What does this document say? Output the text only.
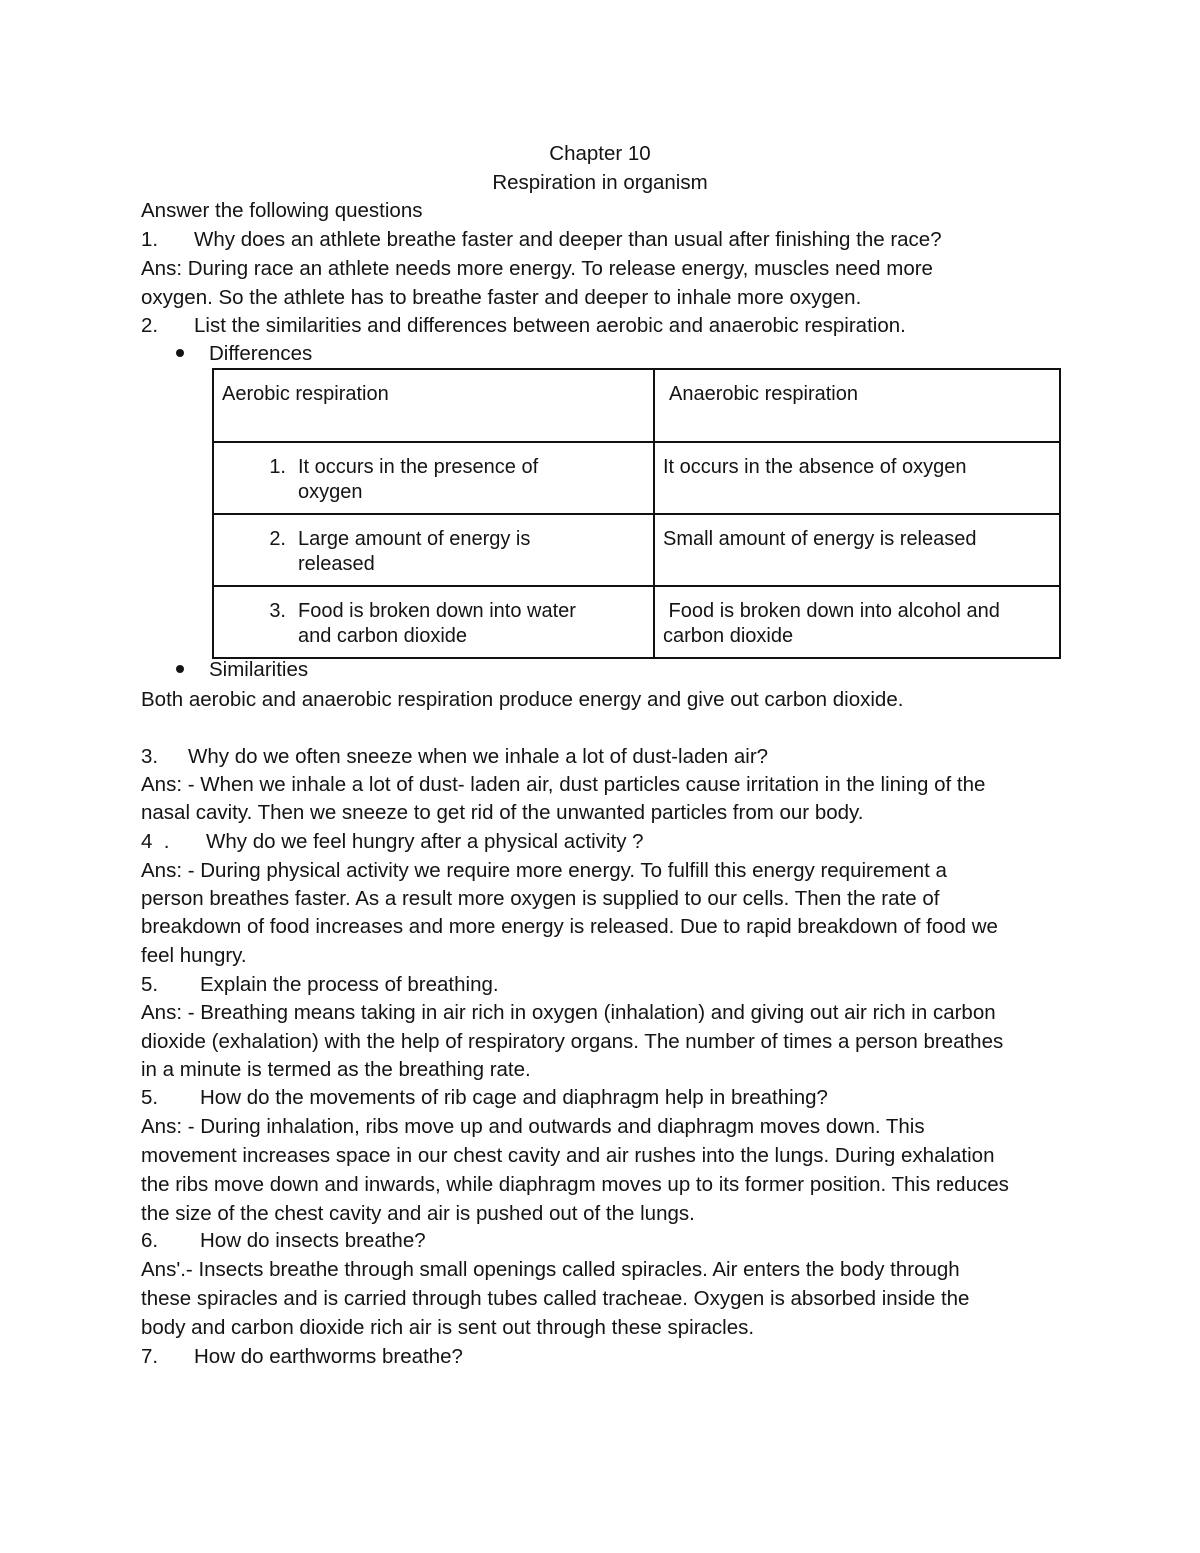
Chapter 10
Respiration in organism
Answer the following questions
1. Why does an athlete breathe faster and deeper than usual after finishing the race?
Ans: During race an athlete needs more energy. To release energy, muscles need more
oxygen. So the athlete has to breathe faster and deeper to inhale more oxygen.
2. List the similarities and differences between aerobic and anaerobic respiration.
Differences
Aerobic respiration	Anaerobic respiration

1. It occurs in the presence of
oxygen	It occurs in the absence of oxygen

2. Large amount of energy is
released	Small amount of energy is released

3. Food is broken down into water
and carbon dioxide	Food is broken down into alcohol and
carbon dioxide
Similarities
Both aerobic and anaerobic respiration produce energy and give out carbon dioxide.
3. Why do we often sneeze when we inhale a lot of dust-laden air?
Ans: - When we inhale a lot of dust- laden air, dust particles cause irritation in the lining of the
nasal cavity. Then we sneeze to get rid of the unwanted particles from our body.
4  . Why do we feel hungry after a physical activity ?
Ans: - During physical activity we require more energy. To fulfill this energy requirement a
person breathes faster. As a result more oxygen is supplied to our cells. Then the rate of
breakdown of food increases and more energy is released. Due to rapid breakdown of food we
feel hungry.
5. Explain the process of breathing.
Ans: - Breathing means taking in air rich in oxygen (inhalation) and giving out air rich in carbon
dioxide (exhalation) with the help of respiratory organs. The number of times a person breathes
in a minute is termed as the breathing rate.
5. How do the movements of rib cage and diaphragm help in breathing?
Ans: - During inhalation, ribs move up and outwards and diaphragm moves down. This
movement increases space in our chest cavity and air rushes into the lungs. During exhalation
the ribs move down and inwards, while diaphragm moves up to its former position. This reduces
the size of the chest cavity and air is pushed out of the lungs.
6. How do insects breathe?
Ans'.- Insects breathe through small openings called spiracles. Air enters the body through
these spiracles and is carried through tubes called tracheae. Oxygen is absorbed inside the
body and carbon dioxide rich air is sent out through these spiracles.
7. How do earthworms breathe?
